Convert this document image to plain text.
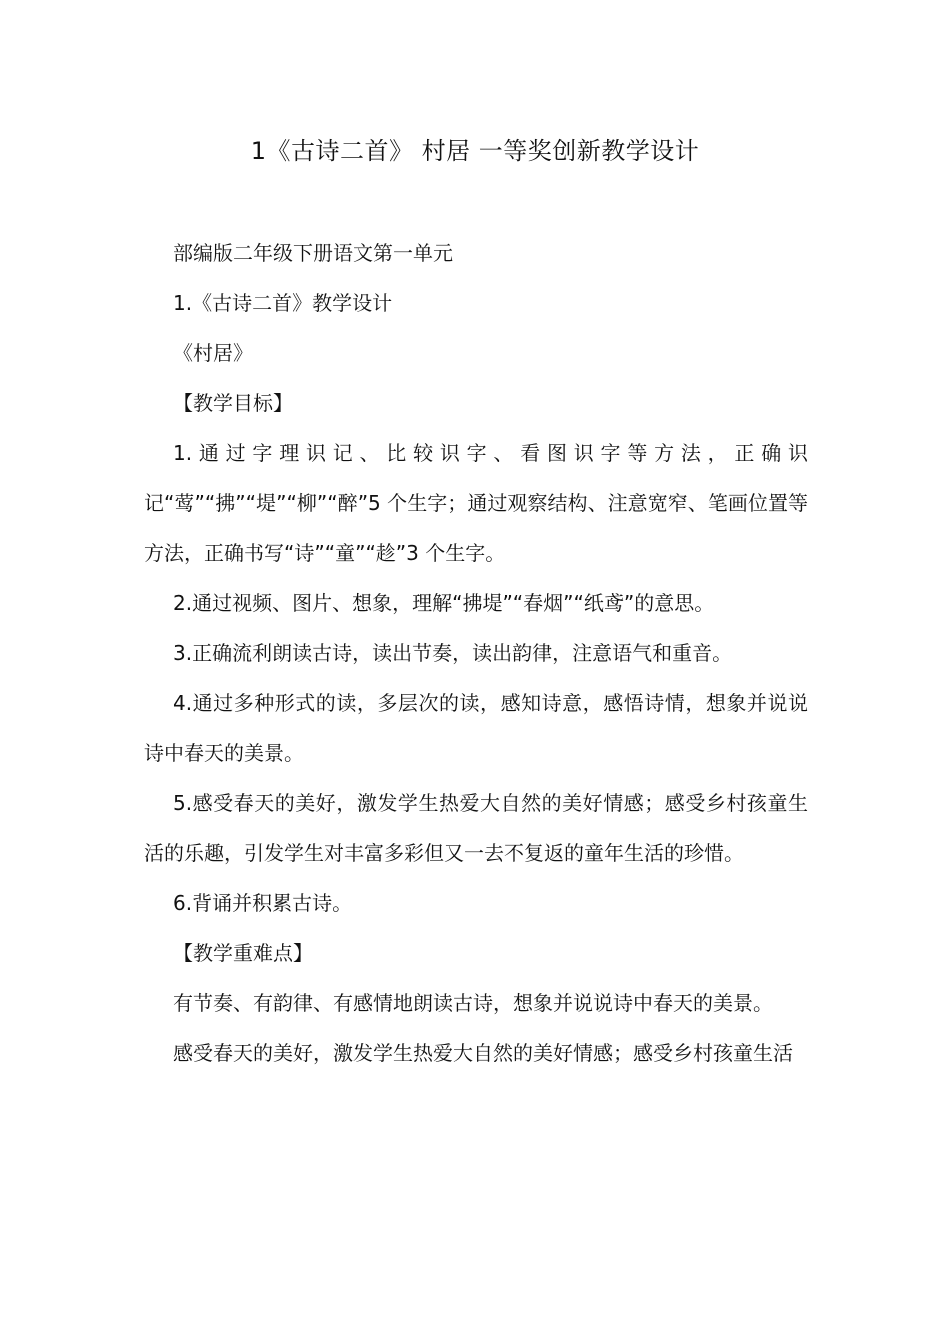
1《古诗二首》 村居 一等奖创新教学设计

部编版二年级下册语文第一单元

1.《古诗二首》教学设计

《村居》

【教学目标】

1.通过字理识记、比较识字、看图识字等方法，正确识记“莺”“拂”“堤”“柳”“醉”5 个生字；通过观察结构、注意宽窄、笔画位置等方法，正确书写“诗”“童”“趁”3 个生字。

2.通过视频、图片、想象，理解“拂堤”“春烟”“纸鸢”的意思。

3.正确流利朗读古诗，读出节奏，读出韵律，注意语气和重音。

4.通过多种形式的读，多层次的读，感知诗意，感悟诗情，想象并说说诗中春天的美景。

5.感受春天的美好，激发学生热爱大自然的美好情感；感受乡村孩童生活的乐趣，引发学生对丰富多彩但又一去不复返的童年生活的珍惜。

6.背诵并积累古诗。

【教学重难点】

有节奏、有韵律、有感情地朗读古诗，想象并说说诗中春天的美景。

感受春天的美好，激发学生热爱大自然的美好情感；感受乡村孩童生活
